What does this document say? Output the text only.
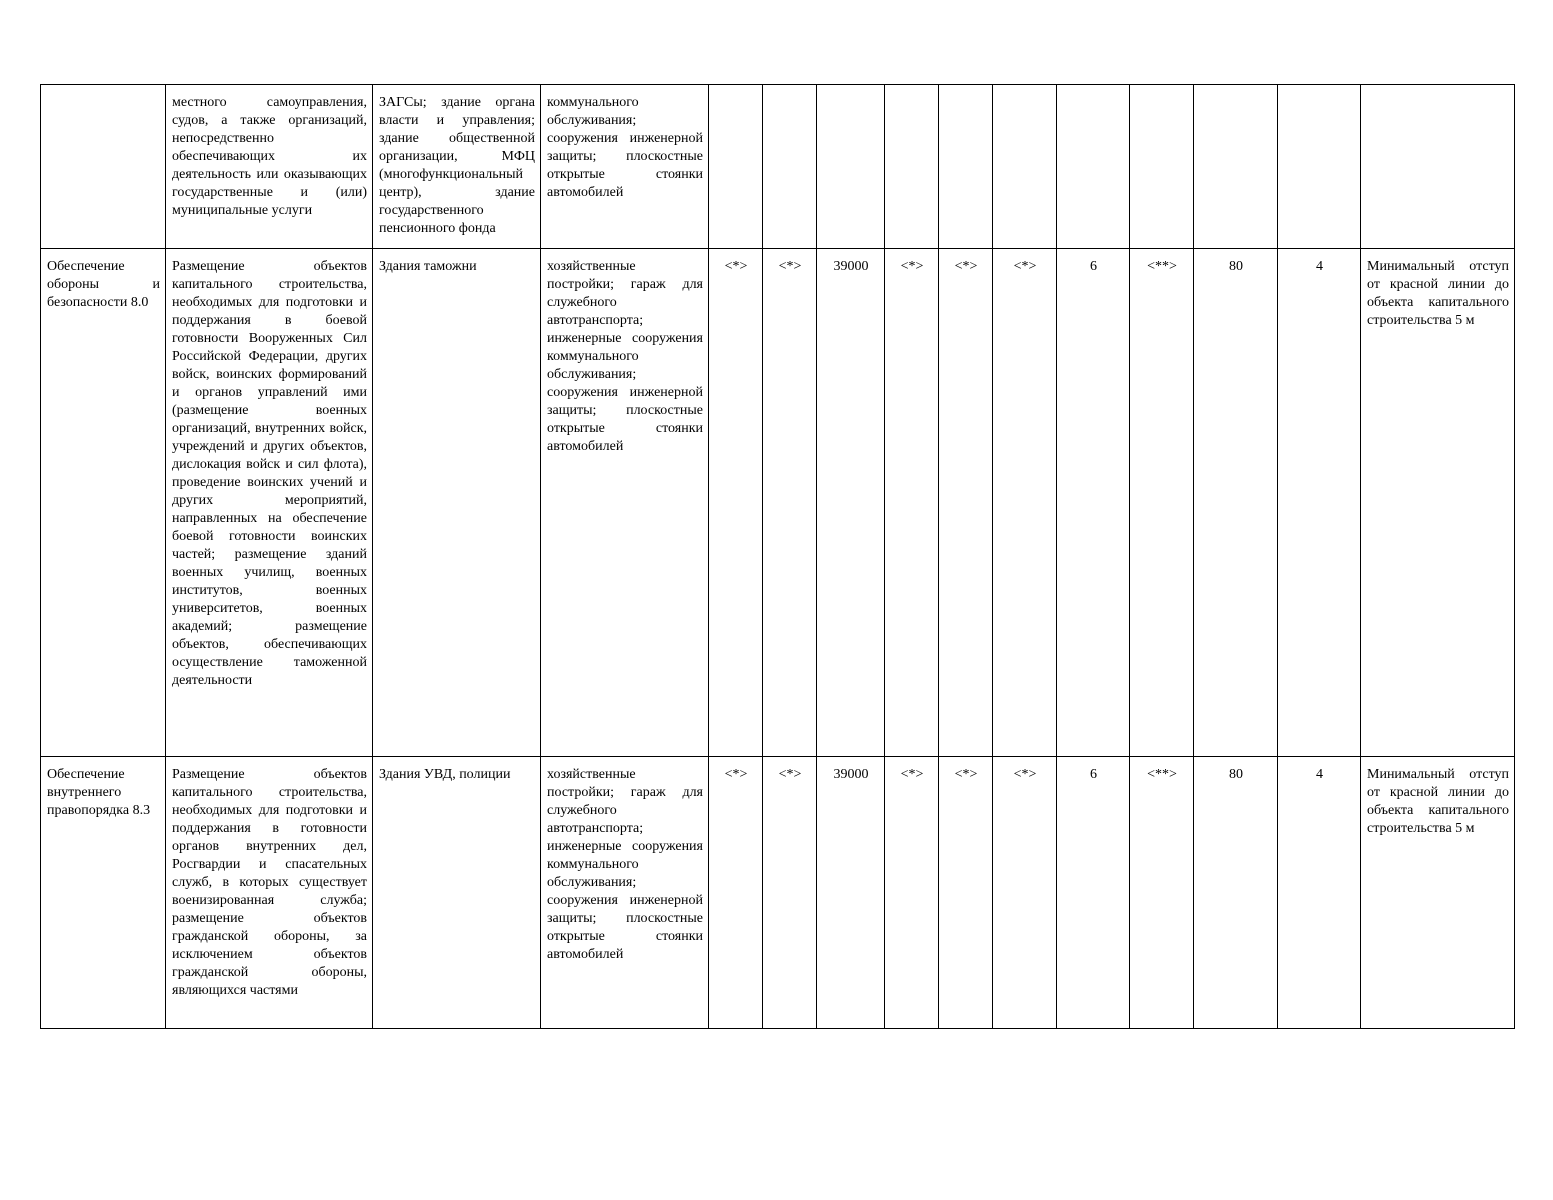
	местного самоуправления, судов, а также организаций, непосредственно обеспечивающих их деятельность или оказывающих государственные и (или) муниципальные услуги	ЗАГСы; здание органа власти и управления; здание общественной организации, МФЦ (многофункциональный центр), здание государственного пенсионного фонда	коммунального обслуживания; сооружения инженерной защиты; плоскостные открытые стоянки автомобилей											
Обеспечение обороны и безопасности 8.0	Размещение объектов капитального строительства, необходимых для подготовки и поддержания в боевой готовности Вооруженных Сил Российской Федерации, других войск, воинских формирований и органов управлений ими (размещение военных организаций, внутренних войск, учреждений и других объектов, дислокация войск и сил флота), проведение воинских учений и других мероприятий, направленных на обеспечение боевой готовности воинских частей; размещение зданий военных училищ, военных институтов, военных университетов, военных академий; размещение объектов, обеспечивающих осуществление таможенной деятельности	Здания таможни	хозяйственные постройки; гараж для служебного автотранспорта; инженерные сооружения коммунального обслуживания; сооружения инженерной защиты; плоскостные открытые стоянки автомобилей	<*>	<*>	39000	<*>	<*>	<*>	6	<**>	80	4	Минимальный отступ от красной линии до объекта капитального строительства 5 м
Обеспечение внутреннего правопорядка 8.3	Размещение объектов капитального строительства, необходимых для подготовки и поддержания в готовности органов внутренних дел, Росгвардии и спасательных служб, в которых существует военизированная служба; размещение объектов гражданской обороны, за исключением объектов гражданской обороны, являющихся частями	Здания УВД, полиции	хозяйственные постройки; гараж для служебного автотранспорта; инженерные сооружения коммунального обслуживания; сооружения инженерной защиты; плоскостные открытые стоянки автомобилей	<*>	<*>	39000	<*>	<*>	<*>	6	<**>	80	4	Минимальный отступ от красной линии до объекта капитального строительства 5 м
